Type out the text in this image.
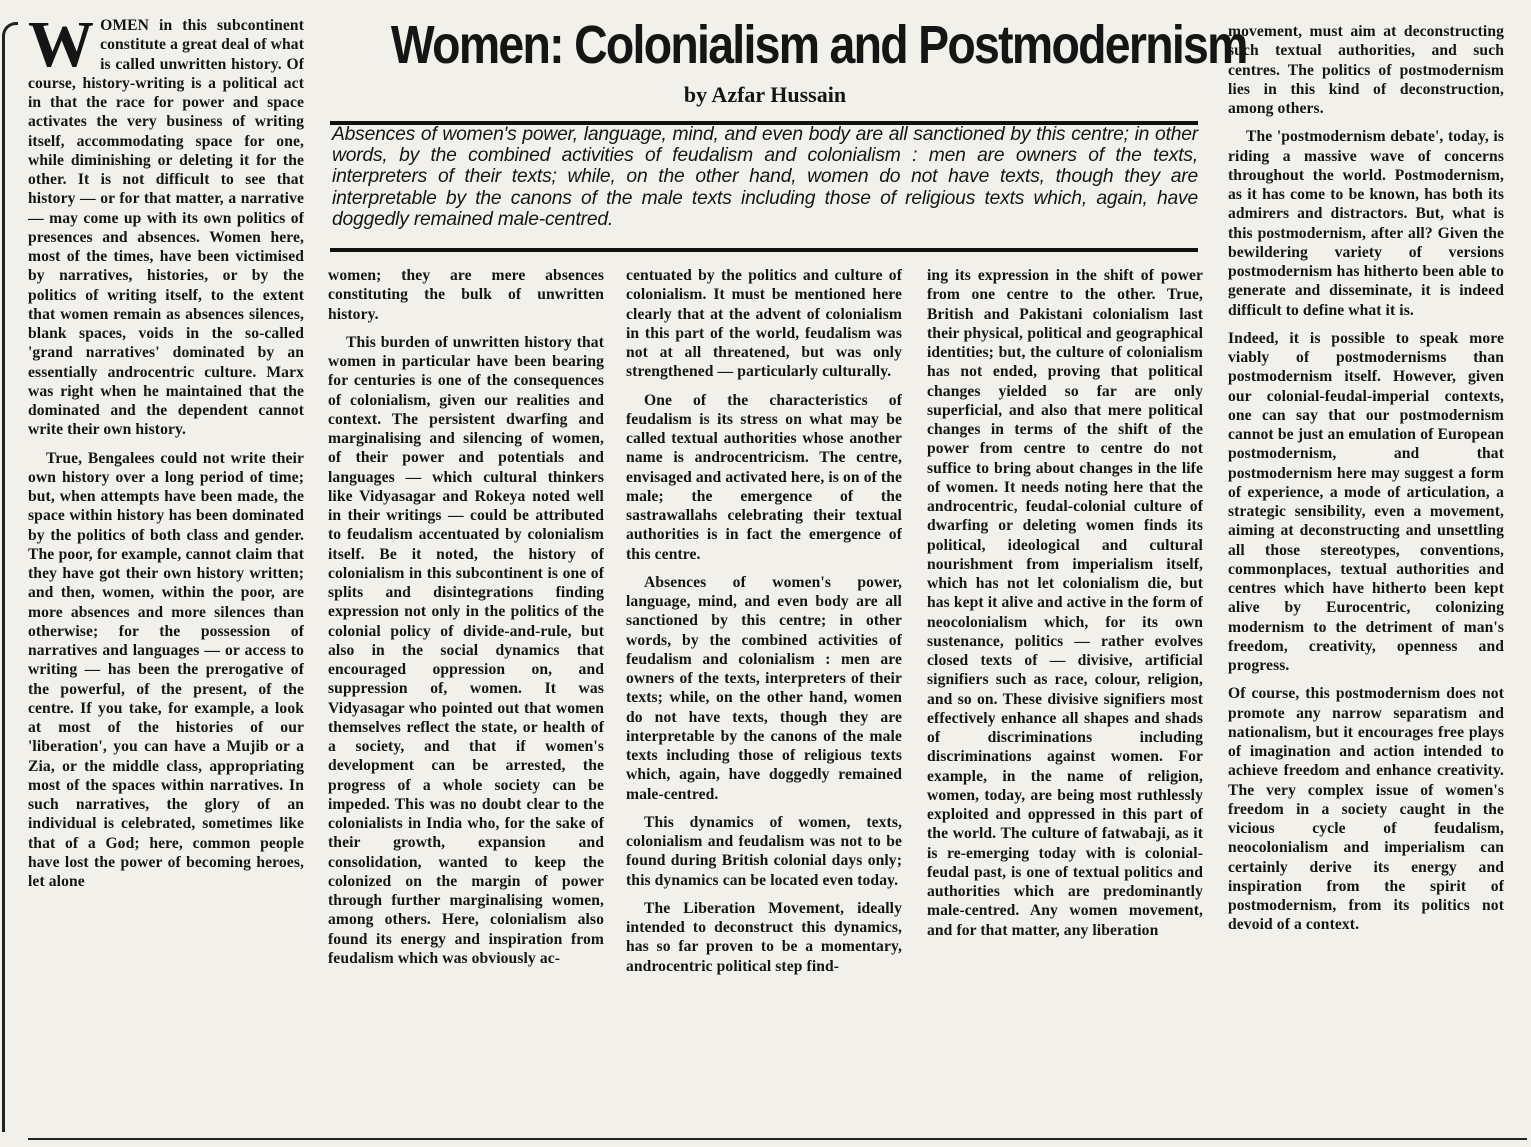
Women: Colonialism and Postmodernism
by Azfar Hussain
Absences of women's power, language, mind, and even body are all sanctioned by this centre; in other words, by the combined activities of feudalism and colonialism : men are owners of the texts, interpreters of their texts; while, on the other hand, women do not have texts, though they are interpretable by the canons of the male texts including those of religious texts which, again, have doggedly remained male-centred.
W OMEN in this subcontinent constitute a great deal of what is called unwritten history. Of course, history-writing is a political act in that the race for power and space activates the very business of writing itself, accommodating space for one, while diminishing or deleting it for the other. It is not difficult to see that history — or for that matter, a narrative — may come up with its own politics of presences and absences. Women here, most of the times, have been victimised by narratives, histories, or by the politics of writing itself, to the extent that women remain as absences silences, blank spaces, voids in the so-called 'grand narratives' dominated by an essentially androcentric culture. Marx was right when he maintained that the dominated and the dependent cannot write their own history.

True, Bengalees could not write their own history over a long period of time; but, when attempts have been made, the space within history has been dominated by the politics of both class and gender. The poor, for example, cannot claim that they have got their own history written; and then, women, within the poor, are more absences and more silences than otherwise; for the possession of narratives and languages — or access to writing — has been the prerogative of the powerful, of the present, of the centre. If you take, for example, a look at most of the histories of our 'liberation', you can have a Mujib or a Zia, or the middle class, appropriating most of the spaces within narratives. In such narratives, the glory of an individual is celebrated, sometimes like that of a God; here, common people have lost the power of becoming heroes, let alone

women; they are mere absences constituting the bulk of unwritten history.

This burden of unwritten history that women in particular have been bearing for centuries is one of the consequences of colonialism, given our realities and context. The persistent dwarfing and marginalising and silencing of women, of their power and potentials and languages — which cultural thinkers like Vidyasagar and Rokeya noted well in their writings — could be attributed to feudalism accentuated by colonialism itself. Be it noted, the history of colonialism in this subcontinent is one of splits and disintegrations finding expression not only in the politics of the colonial policy of divide-and-rule, but also in the social dynamics that encouraged oppression on, and suppression of, women. It was Vidyasagar who pointed out that women themselves reflect the state, or health of a society, and that if women's development can be arrested, the progress of a whole society can be impeded. This was no doubt clear to the colonialists in India who, for the sake of their growth, expansion and consolidation, wanted to keep the colonized on the margin of power through further marginalising women, among others. Here, colonialism also found its energy and inspiration from feudalism which was obviously ac-

centuated by the politics and culture of colonialism. It must be mentioned here clearly that at the advent of colonialism in this part of the world, feudalism was not at all threatened, but was only strengthened — particularly culturally.

One of the characteristics of feudalism is its stress on what may be called textual authorities whose another name is androcentricism. The centre, envisaged and activated here, is on of the male; the emergence of the sastrawallahs celebrating their textual authorities is in fact the emergence of this centre.

Absences of women's power, language, mind, and even body are all sanctioned by this centre; in other words, by the combined activities of feudalism and colonialism : men are owners of the texts, interpreters of their texts; while, on the other hand, women do not have texts, though they are interpretable by the canons of the male texts including those of religious texts which, again, have doggedly remained male-centred.

This dynamics of women, texts, colonialism and feudalism was not to be found during British colonial days only; this dynamics can be located even today.

The Liberation Movement, ideally intended to deconstruct this dynamics, has so far proven to be a momentary, androcentric political step find-

ing its expression in the shift of power from one centre to the other. True, British and Pakistani colonialism last their physical, political and geographical identities; but, the culture of colonialism has not ended, proving that political changes yielded so far are only superficial, and also that mere political changes in terms of the shift of the power from centre to centre do not suffice to bring about changes in the life of women. It needs noting here that the androcentric, feudal-colonial culture of dwarfing or deleting women finds its political, ideological and cultural nourishment from imperialism itself, which has not let colonialism die, but has kept it alive and active in the form of neocolonialism which, for its own sustenance, politics — rather evolves closed texts of — divisive, artificial signifiers such as race, colour, religion, and so on. These divisive signifiers most effectively enhance all shapes and shads of discriminations including discriminations against women. For example, in the name of religion, women, today, are being most ruthlessly exploited and oppressed in this part of the world. The culture of fatwabaji, as it is re-emerging today with is colonial-feudal past, is one of textual politics and authorities which are predominantly male-centred. Any women movement, and for that matter, any liberation

movement, must aim at deconstructing such textual authorities, and such centres. The politics of postmodernism lies in this kind of deconstruction, among others.

The 'postmodernism debate', today, is riding a massive wave of concerns throughout the world. Postmodernism, as it has come to be known, has both its admirers and distractors. But, what is this postmodernism, after all? Given the bewildering variety of versions postmodernism has hitherto been able to generate and disseminate, it is indeed difficult to define what it is.

Indeed, it is possible to speak more viably of postmodernisms than postmodernism itself. However, given our colonial-feudal-imperial contexts, one can say that our postmodernism cannot be just an emulation of European postmodernism, and that postmodernism here may suggest a form of experience, a mode of articulation, a strategic sensibility, even a movement, aiming at deconstructing and unsettling all those stereotypes, conventions, commonplaces, textual authorities and centres which have hitherto been kept alive by Eurocentric, colonizing modernism to the detriment of man's freedom, creativity, openness and progress.

Of course, this postmodernism does not promote any narrow separatism and nationalism, but it encourages free plays of imagination and action intended to achieve freedom and enhance creativity. The very complex issue of women's freedom in a society caught in the vicious cycle of feudalism, neocolonialism and imperialism can certainly derive its energy and inspiration from the spirit of postmodernism, from its politics not devoid of a context.
